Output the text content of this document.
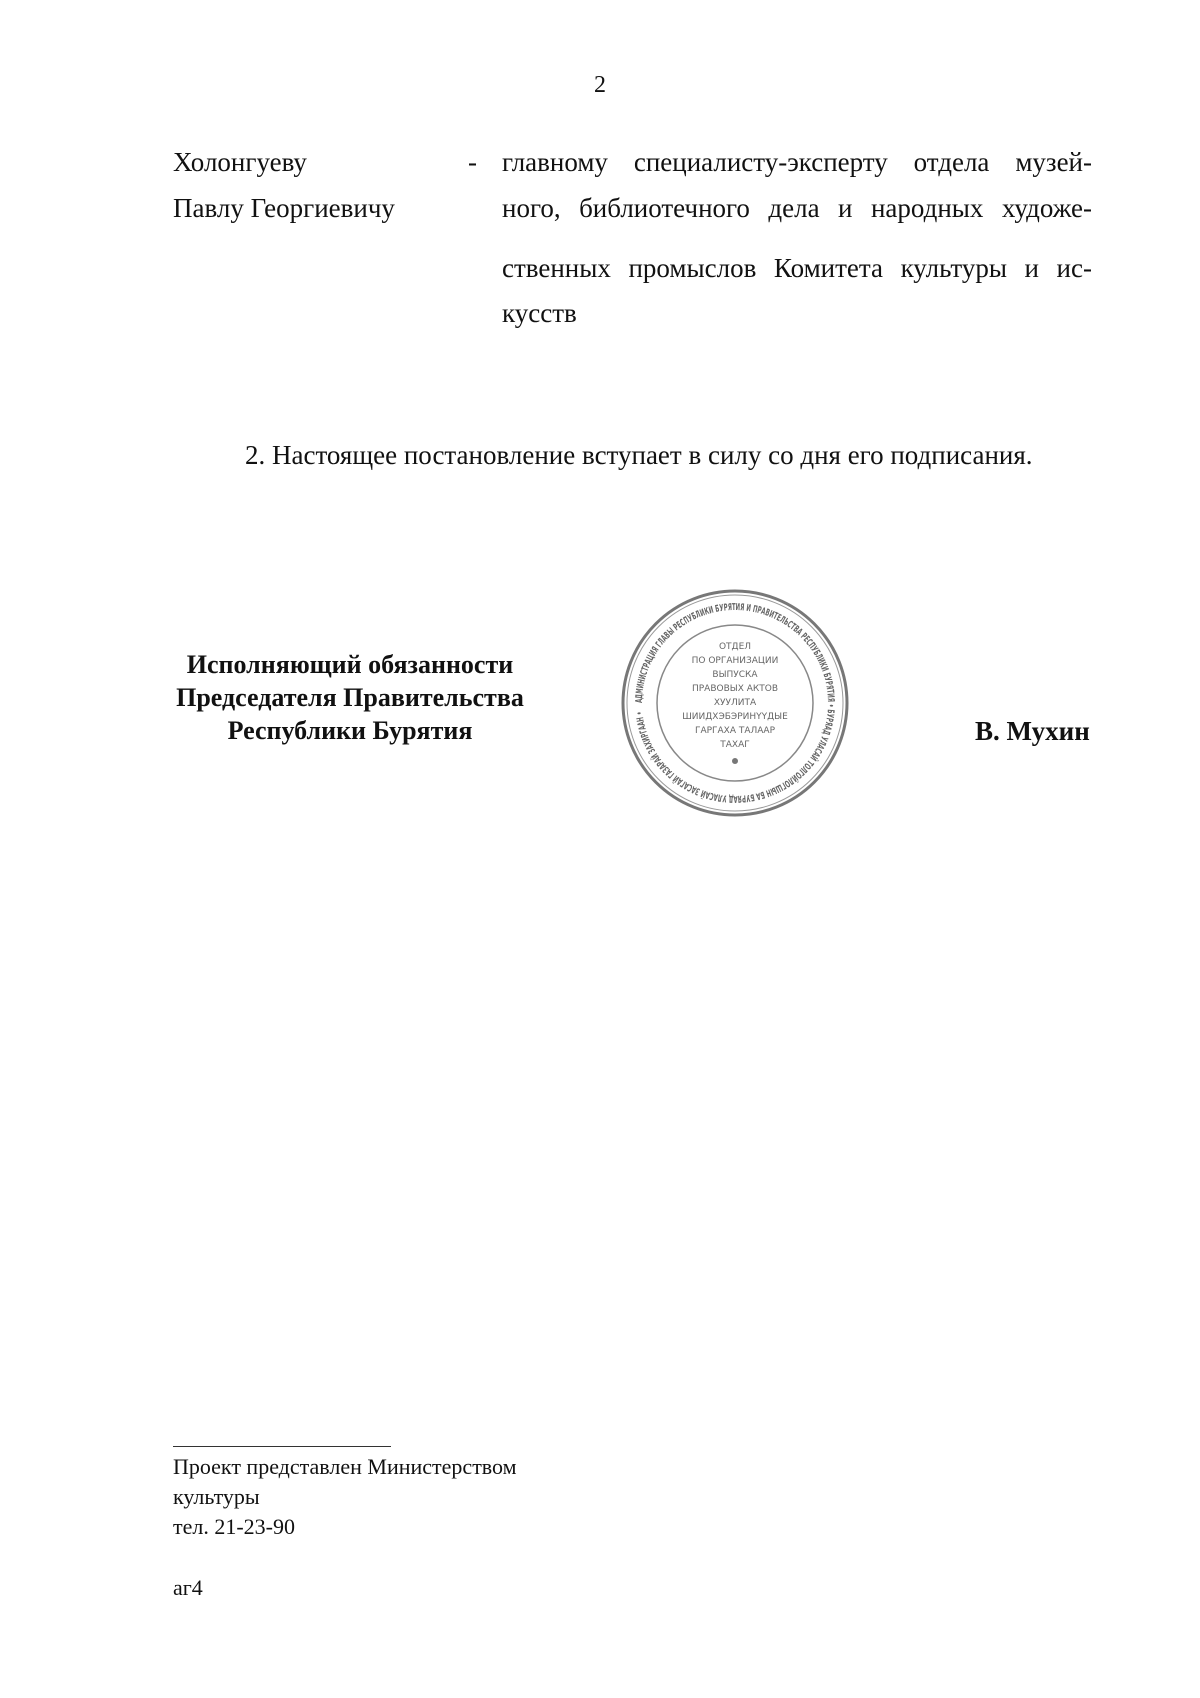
2
Холонгуеву
Павлу Георгиевичу
- главному специалисту-эксперту отдела музей-
ного, библиотечного дела и народных художе-
ственных промыслов Комитета культуры и ис-
кусств
2. Настоящее постановление вступает в силу со дня его подписания.
Исполняющий обязанности
Председателя Правительства
Республики Бурятия	В. Мухин
АДМИНИСТРАЦИЯ ГЛАВЫ РЕСПУБЛИКИ БУРЯТИЯ И ПРАВИТЕЛЬСТВА РЕСПУБЛИКИ БУРЯТИЯ • БУРЯАД УЛАСАЙ ТОЛГОЙЛОГШЫН БА БУРЯАД УЛАСАЙ ЗАСАГАЙ ГАЗАРАЙ ЗАХИРГААН •
ОТДЕЛ
ПО ОРГАНИЗАЦИИ
ВЫПУСКА
ПРАВОВЫХ АКТОВ
ХУУЛИТА
ШИИДХЭБЭРИНҮҮДЫЕ
ГАРГАХА ТАЛААР
ТАХАГ
Проект представлен Министерством
культуры
тел. 21-23-90
аг4
